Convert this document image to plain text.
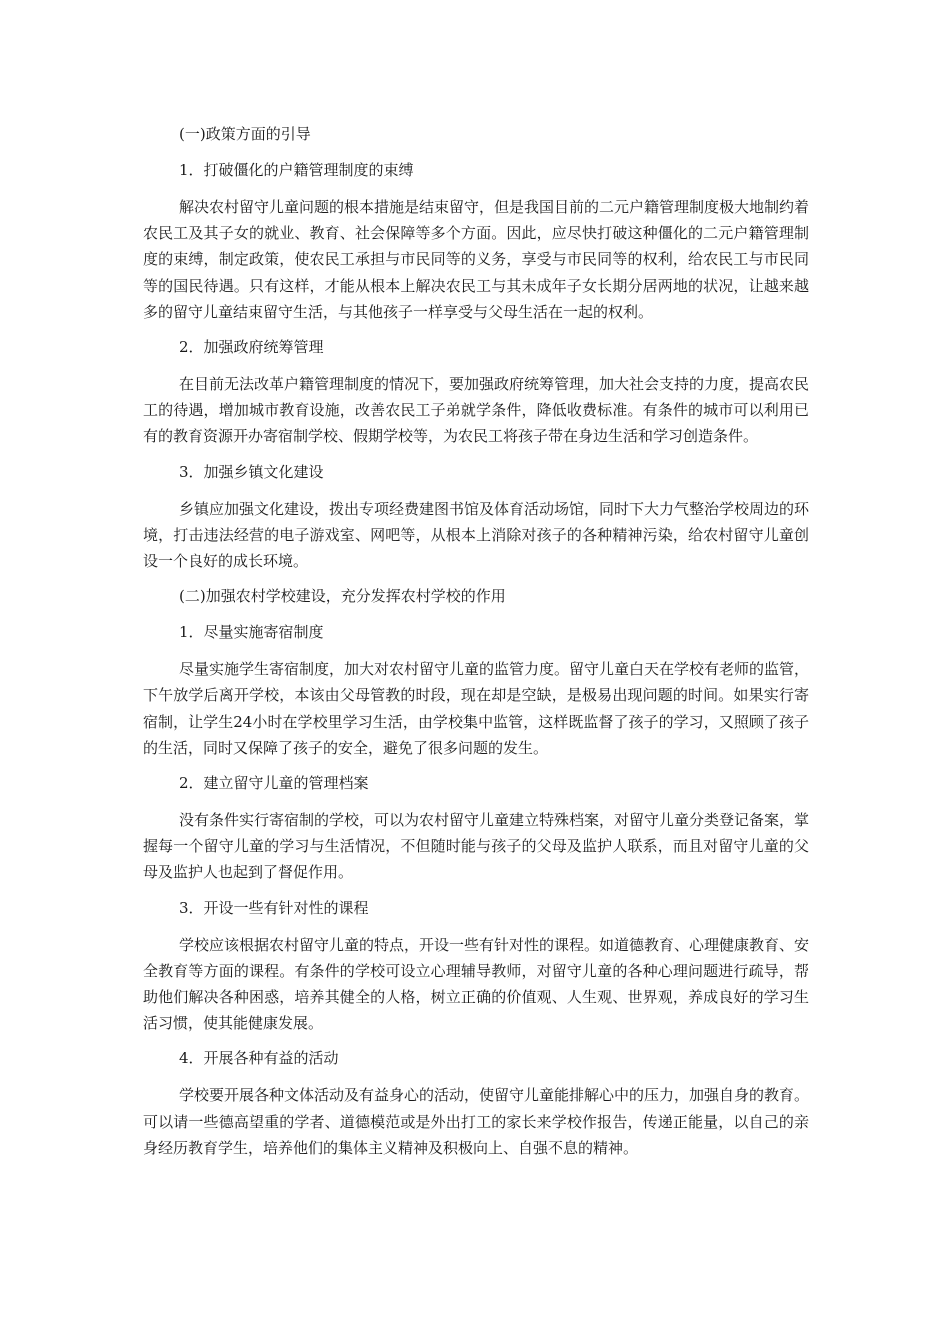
(一)政策方面的引导
1．打破僵化的户籍管理制度的束缚

解决农村留守儿童问题的根本措施是结束留守，但是我国目前的二元户籍管理制度极大地制约着农民工及其子女的就业、教育、社会保障等多个方面。因此，应尽快打破这种僵化的二元户籍管理制度的束缚，制定政策，使农民工承担与市民同等的义务，享受与市民同等的权利，给农民工与市民同等的国民待遇。只有这样，才能从根本上解决农民工与其未成年子女长期分居两地的状况，让越来越多的留守儿童结束留守生活，与其他孩子一样享受与父母生活在一起的权利。

2．加强政府统筹管理

在目前无法改革户籍管理制度的情况下，要加强政府统筹管理，加大社会支持的力度，提高农民工的待遇，增加城市教育设施，改善农民工子弟就学条件，降低收费标准。有条件的城市可以利用已有的教育资源开办寄宿制学校、假期学校等，为农民工将孩子带在身边生活和学习创造条件。

3．加强乡镇文化建设

乡镇应加强文化建设，拨出专项经费建图书馆及体育活动场馆，同时下大力气整治学校周边的环境，打击违法经营的电子游戏室、网吧等，从根本上消除对孩子的各种精神污染，给农村留守儿童创设一个良好的成长环境。

(二)加强农村学校建设，充分发挥农村学校的作用
1．尽量实施寄宿制度

尽量实施学生寄宿制度，加大对农村留守儿童的监管力度。留守儿童白天在学校有老师的监管，下午放学后离开学校，本该由父母管教的时段，现在却是空缺，是极易出现问题的时间。如果实行寄宿制，让学生24小时在学校里学习生活，由学校集中监管，这样既监督了孩子的学习，又照顾了孩子的生活，同时又保障了孩子的安全，避免了很多问题的发生。

2．建立留守儿童的管理档案

没有条件实行寄宿制的学校，可以为农村留守儿童建立特殊档案，对留守儿童分类登记备案，掌握每一个留守儿童的学习与生活情况，不但随时能与孩子的父母及监护人联系，而且对留守儿童的父母及监护人也起到了督促作用。

3．开设一些有针对性的课程

学校应该根据农村留守儿童的特点，开设一些有针对性的课程。如道德教育、心理健康教育、安全教育等方面的课程。有条件的学校可设立心理辅导教师，对留守儿童的各种心理问题进行疏导，帮助他们解决各种困惑，培养其健全的人格，树立正确的价值观、人生观、世界观，养成良好的学习生活习惯，使其能健康发展。

4．开展各种有益的活动

学校要开展各种文体活动及有益身心的活动，使留守儿童能排解心中的压力，加强自身的教育。可以请一些德高望重的学者、道德模范或是外出打工的家长来学校作报告，传递正能量，以自己的亲身经历教育学生，培养他们的集体主义精神及积极向上、自强不息的精神。
